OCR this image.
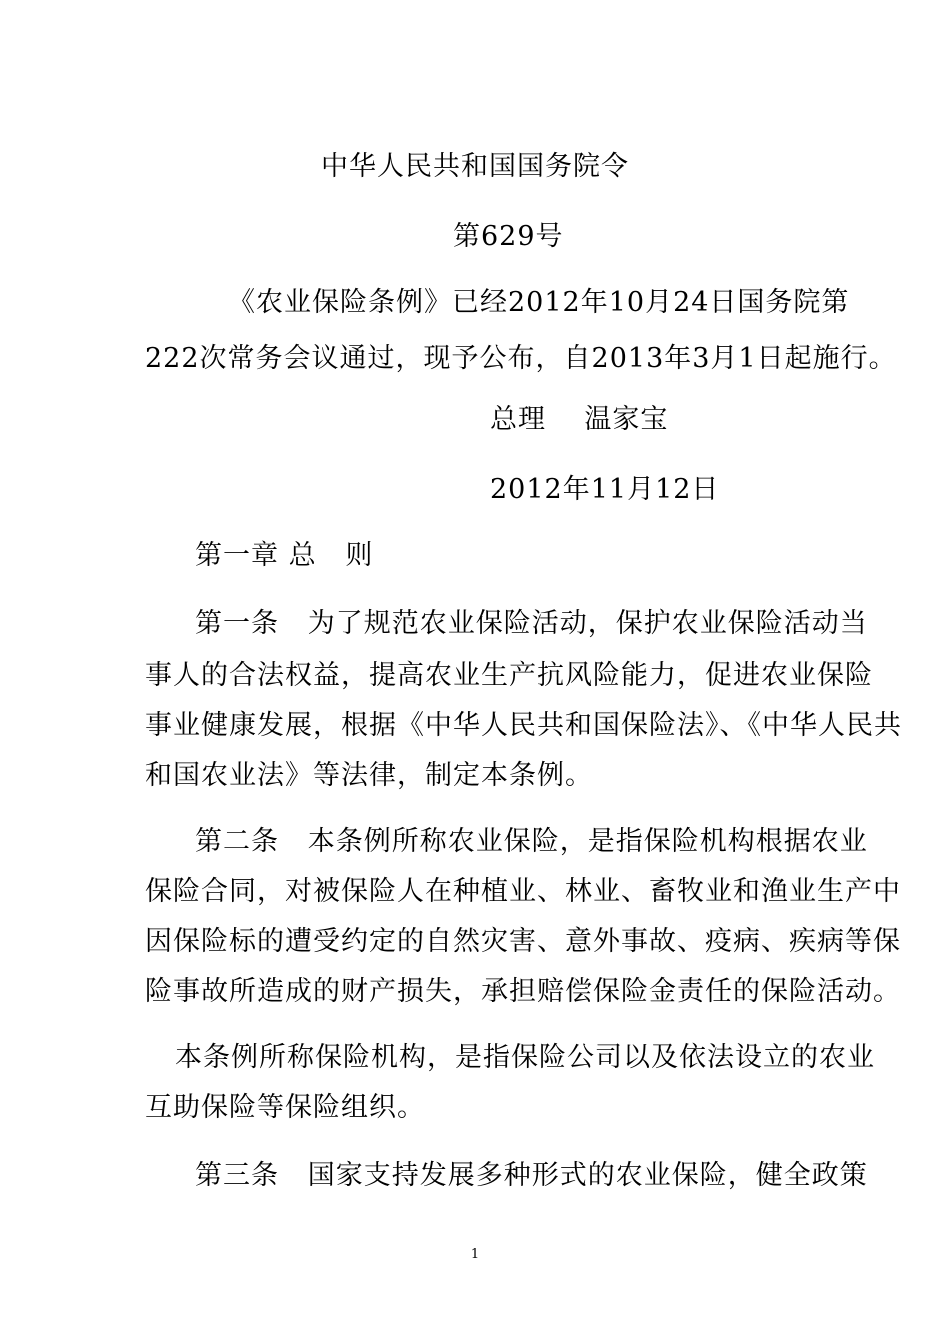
中华人民共和国国务院令
第629号
《农业保险条例》已经2012年10月24日国务院第
222次常务会议通过，现予公布，自2013年3月1日起施行。
总理    温家宝
2012年11月12日
第一章 总   则
第一条   为了规范农业保险活动，保护农业保险活动当
事人的合法权益，提高农业生产抗风险能力，促进农业保险
事业健康发展，根据《中华人民共和国保险法》、《中华人民共
和国农业法》等法律，制定本条例。
第二条   本条例所称农业保险，是指保险机构根据农业
保险合同，对被保险人在种植业、林业、畜牧业和渔业生产中
因保险标的遭受约定的自然灾害、意外事故、疫病、疾病等保
险事故所造成的财产损失，承担赔偿保险金责任的保险活动。
本条例所称保险机构，是指保险公司以及依法设立的农业
互助保险等保险组织。
第三条   国家支持发展多种形式的农业保险，健全政策
1
